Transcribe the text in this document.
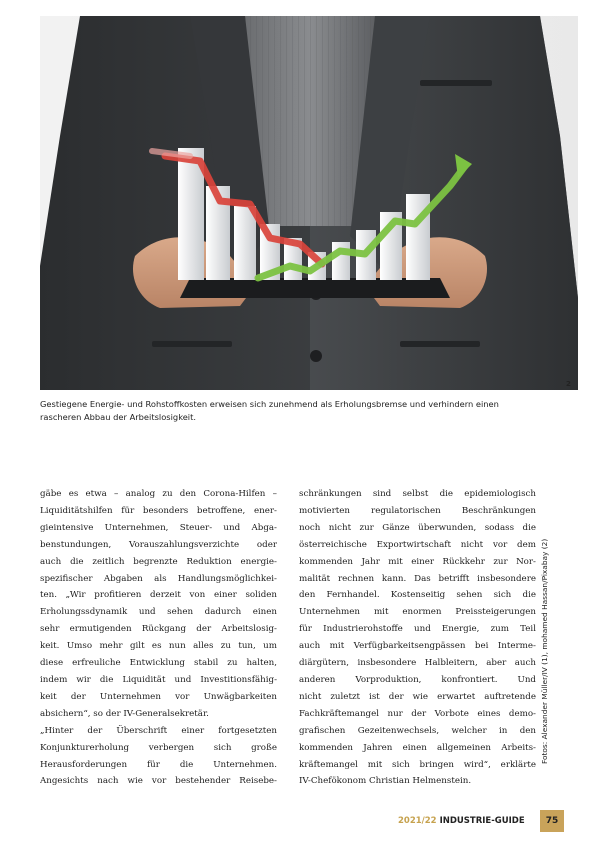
2
Gestiegene Energie- und Rohstoffkosten erweisen sich zunehmend als Erholungsbremse und verhindern einen rascheren Abbau der Arbeitslosigkeit.
gäbe es etwa – analog zu den Corona-Hilfen –
Liquiditätshilfen für besonders betroffene, ener-
gieintensive Unternehmen, Steuer- und Abga-
benstundungen, Vorauszahlungsverzichte oder
auch die zeitlich begrenzte Reduktion energie-
spezifischer Abgaben als Handlungsmöglichkei-
ten. „Wir profitieren derzeit von einer soliden
Erholungssdynamik und sehen dadurch einen
sehr ermutigenden Rückgang der Arbeitslosig-
keit. Umso mehr gilt es nun alles zu tun, um
diese erfreuliche Entwicklung stabil zu halten,
indem wir die Liquidität und Investitionsfähig-
keit der Unternehmen vor Unwägbarkeiten
absichern“, so der IV-Generalsekretär.
„Hinter der Überschrift einer fortgesetzten
Konjunkturerholung verbergen sich große
Herausforderungen für die Unternehmen.
Angesichts nach wie vor bestehender Reisebe-
schränkungen sind selbst die epidemiologisch
motivierten regulatorischen Beschränkungen
noch nicht zur Gänze überwunden, sodass die
österreichische Exportwirtschaft nicht vor dem
kommenden Jahr mit einer Rückkehr zur Nor-
malität rechnen kann. Das betrifft insbesondere
den Fernhandel. Kostenseitig sehen sich die
Unternehmen mit enormen Preissteigerungen
für Industrierohstoffe und Energie, zum Teil
auch mit Verfügbarkeitsengpässen bei Interme-
diärgütern, insbesondere Halbleitern, aber auch
anderen Vorproduktion, konfrontiert. Und
nicht zuletzt ist der wie erwartet auftretende
Fachkräftemangel nur der Vorbote eines demo-
grafischen Gezeitenwechsels, welcher in den
kommenden Jahren einen allgemeinen Arbeits-
kräftemangel mit sich bringen wird“, erklärte
IV-Chefökonom Christian Helmenstein.
Fotos: Alexander Müller/IV (1), mohamed Hassan/Pixabay (2)
2021/22 INDUSTRIE-GUIDE	75
